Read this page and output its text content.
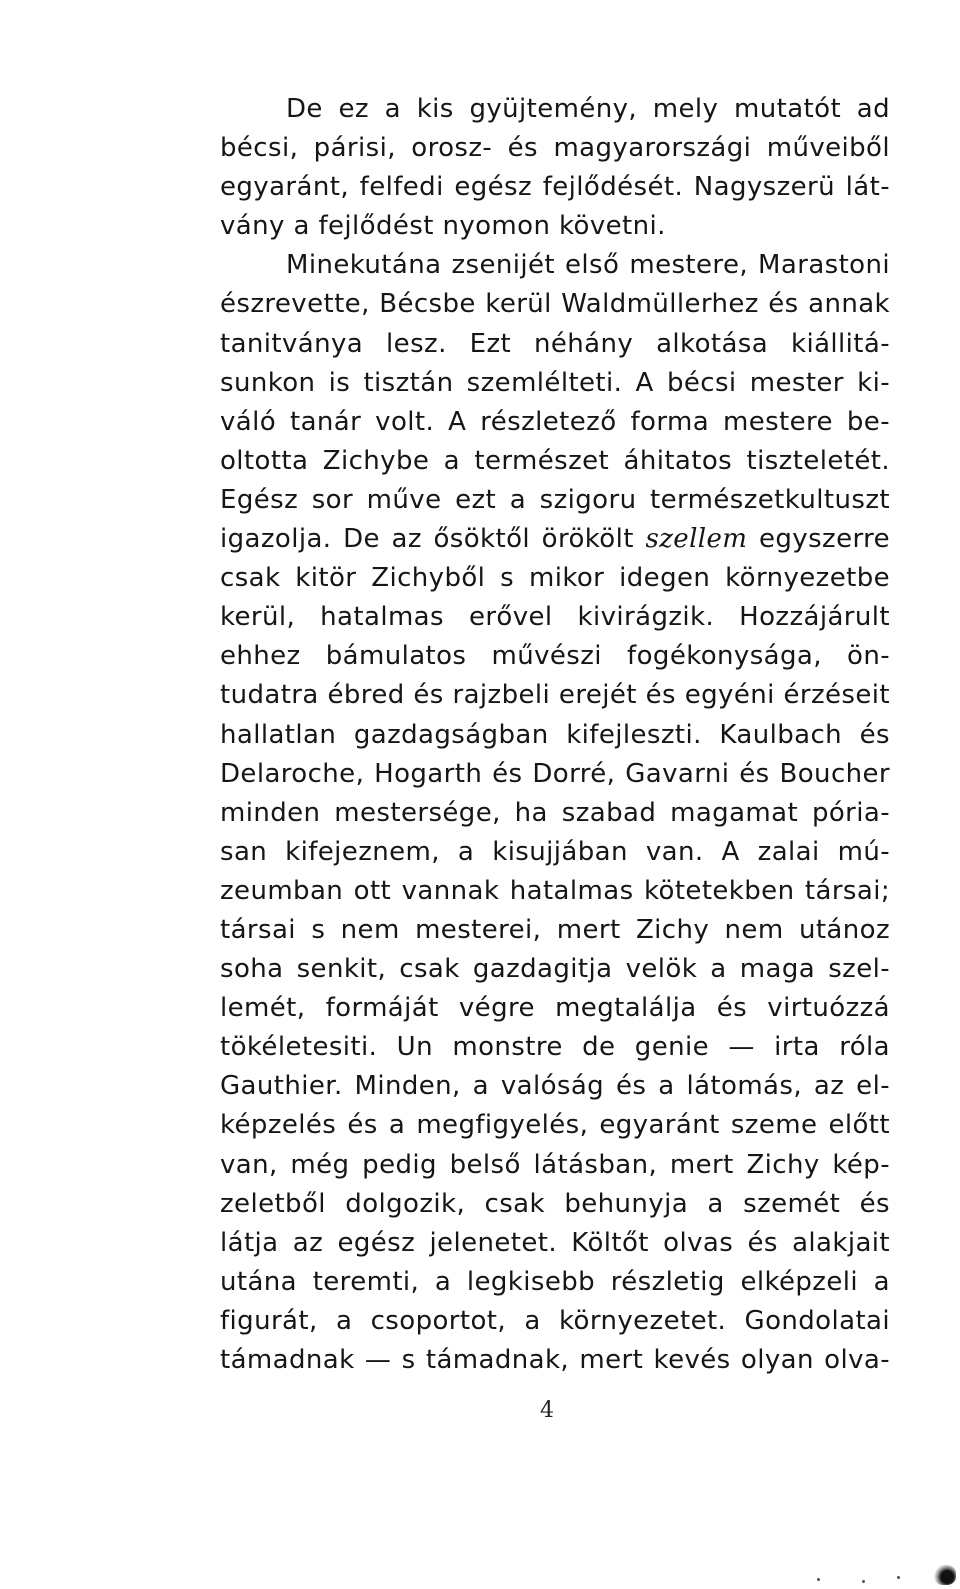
De ez a kis gyüjtemény, mely mutatót ad
bécsi, párisi, orosz- és magyarországi műveiből
egyaránt, felfedi egész fejlődését. Nagyszerü lát-
vány a fejlődést nyomon követni.
Minekutána zsenijét első mestere, Marastoni
észrevette, Bécsbe kerül Waldmüllerhez és annak
tanitványa lesz. Ezt néhány alkotása kiállitá-
sunkon is tisztán szemlélteti. A bécsi mester ki-
váló tanár volt. A részletező forma mestere be-
oltotta Zichybe a természet áhitatos tiszteletét.
Egész sor műve ezt a szigoru természetkultuszt
igazolja. De az ősöktől örökölt szellem egyszerre
csak kitör Zichyből s mikor idegen környezetbe
kerül, hatalmas erővel kivirágzik. Hozzájárult
ehhez bámulatos művészi fogékonysága, ön-
tudatra ébred és rajzbeli erejét és egyéni érzéseit
hallatlan gazdagságban kifejleszti. Kaulbach és
Delaroche, Hogarth és Dorré, Gavarni és Boucher
minden mestersége, ha szabad magamat pória-
san kifejeznem, a kisujjában van. A zalai mú-
zeumban ott vannak hatalmas kötetekben társai;
társai s nem mesterei, mert Zichy nem utánoz
soha senkit, csak gazdagitja velök a maga szel-
lemét, formáját végre megtalálja és virtuózzá
tökéletesiti. Un monstre de genie — irta róla
Gauthier. Minden, a valóság és a látomás, az el-
képzelés és a megfigyelés, egyaránt szeme előtt
van, még pedig belső látásban, mert Zichy kép-
zeletből dolgozik, csak behunyja a szemét és
látja az egész jelenetet. Költőt olvas és alakjait
utána teremti, a legkisebb részletig elképzeli a
figurát, a csoportot, a környezetet. Gondolatai
támadnak — s támadnak, mert kevés olyan olva-
4
